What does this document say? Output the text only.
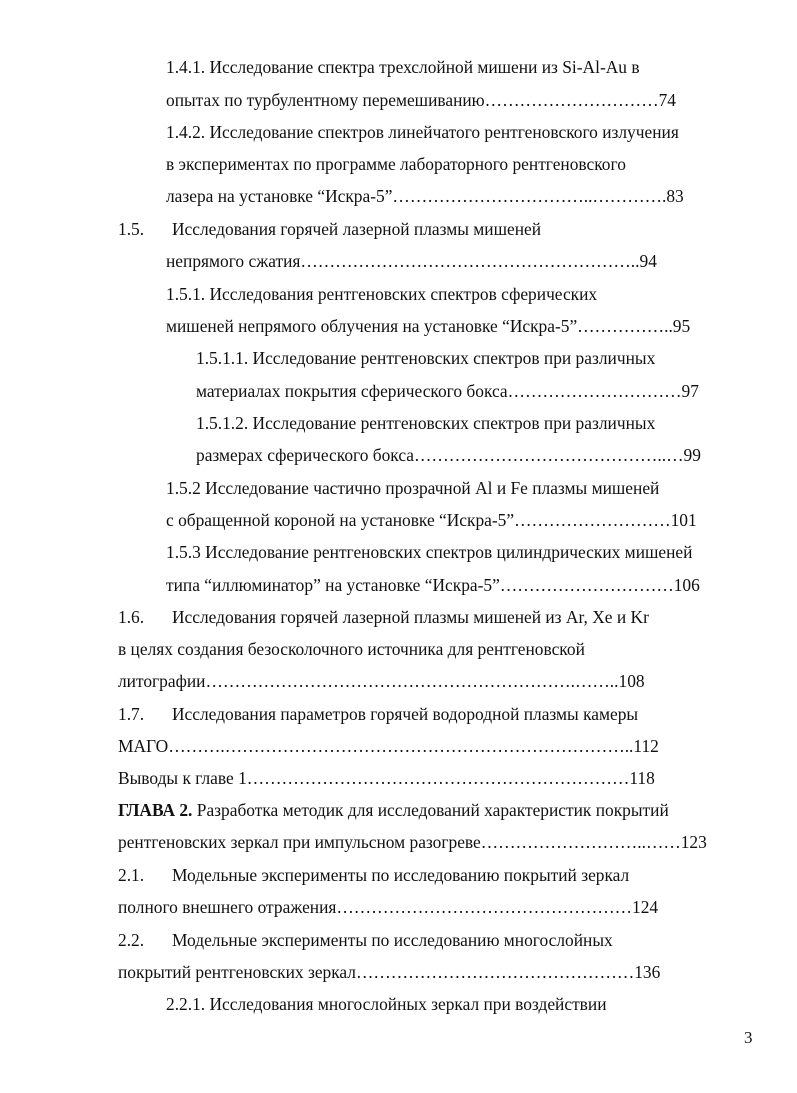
1.4.1. Исследование спектра трехслойной мишени из Si-Al-Au в
опытах по турбулентному перемешиванию…………………………74
1.4.2. Исследование спектров линейчатого рентгеновского излучения
в экспериментах по программе лабораторного рентгеновского
лазера на установке “Искра-5”……………………………..………….83
1.5. Исследования горячей лазерной плазмы мишеней
непрямого сжатия…………………………………………………..94
1.5.1. Исследования рентгеновских спектров сферических
мишеней непрямого облучения на установке “Искра-5”……………..95
1.5.1.1. Исследование рентгеновских спектров при различных
материалах покрытия сферического бокса…………………………97
1.5.1.2. Исследование рентгеновских спектров при различных
размерах сферического бокса……………………………………..…99
1.5.2 Исследование частично прозрачной Al и Fe плазмы мишеней
с обращенной короной на установке “Искра-5”………………………101
1.5.3 Исследование рентгеновских спектров цилиндрических мишеней
типа “иллюминатор” на установке “Искра-5”…………………………106
1.6. Исследования горячей лазерной плазмы мишеней из Ar, Xe и Kr
в целях создания безосколочного источника для рентгеновской
литографии……………………………………………………….……..108
1.7. Исследования параметров горячей водородной плазмы камеры
МАГО……….……………………………………………………………..112
Выводы к главе 1…………………………………………………………118
ГЛАВА 2. Разработка методик для исследований характеристик покрытий
рентгеновских зеркал при импульсном разогреве………………………..……123
2.1. Модельные эксперименты по исследованию покрытий зеркал
полного внешнего отражения……………………………………………124
2.2. Модельные эксперименты по исследованию многослойных
покрытий рентгеновских зеркал…………………………………………136
2.2.1. Исследования многослойных зеркал при воздействии
3
